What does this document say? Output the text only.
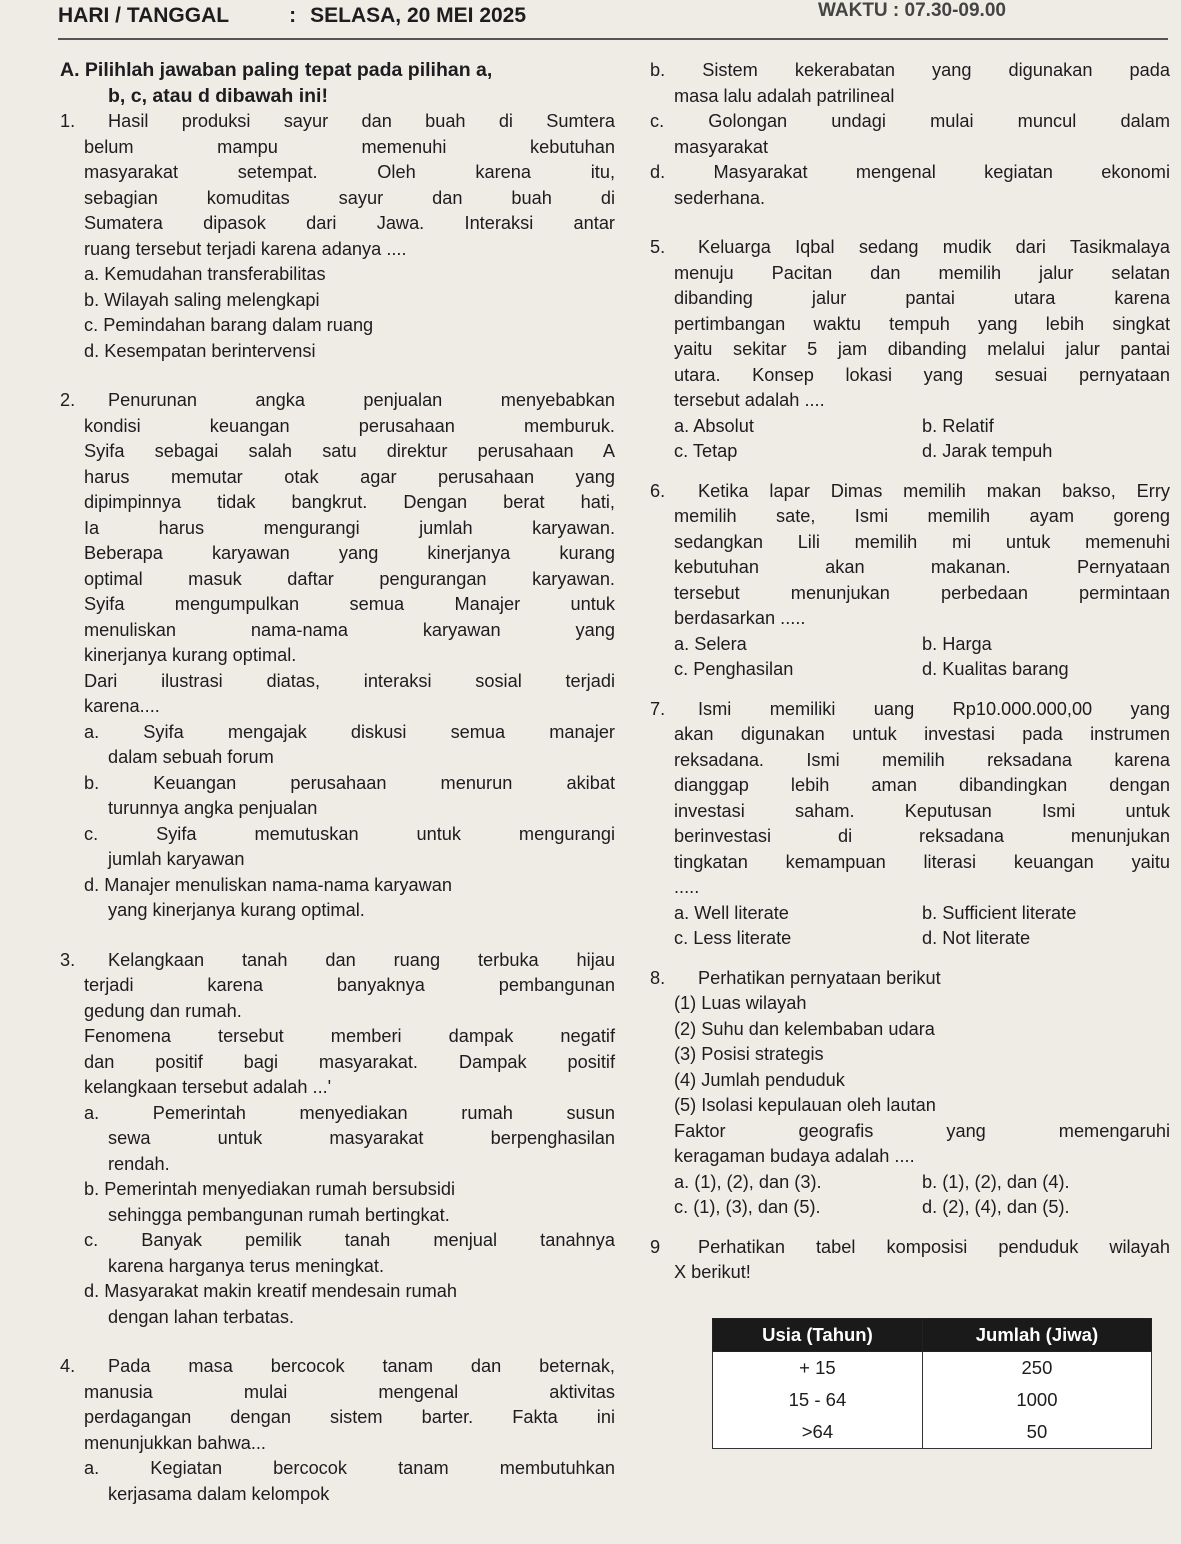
HARI / TANGGAL	: SELASA, 20 MEI 2025	WAKTU : 07.30-09.00

A. Pilihlah jawaban paling tepat pada pilihan a,

b, c, atau d dibawah ini!

1.	Hasil produksi sayur dan buah di Sumtera

belum mampu memenuhi kebutuhan

masyarakat setempat. Oleh karena itu,

sebagian komuditas sayur dan buah di

Sumatera dipasok dari Jawa. Interaksi antar

ruang tersebut terjadi karena adanya ....

a. Kemudahan transferabilitas

b. Wilayah saling melengkapi

c. Pemindahan barang dalam ruang

d. Kesempatan berintervensi

2.	Penurunan angka penjualan menyebabkan

kondisi keuangan perusahaan memburuk.

Syifa sebagai salah satu direktur perusahaan A

harus memutar otak agar perusahaan yang

dipimpinnya tidak bangkrut. Dengan berat hati,

Ia harus mengurangi jumlah karyawan.

Beberapa karyawan yang kinerjanya kurang

optimal masuk daftar pengurangan karyawan.

Syifa mengumpulkan semua Manajer untuk

menuliskan nama-nama karyawan yang

kinerjanya kurang optimal.

Dari ilustrasi diatas, interaksi sosial terjadi

karena....

a. Syifa mengajak diskusi semua manajer

dalam sebuah forum

b. Keuangan perusahaan menurun akibat

turunnya angka penjualan

c. Syifa memutuskan untuk mengurangi

jumlah karyawan

d. Manajer menuliskan nama-nama karyawan

yang kinerjanya kurang optimal.

3.	Kelangkaan tanah dan ruang terbuka hijau

terjadi karena banyaknya pembangunan

gedung dan rumah.

Fenomena tersebut memberi dampak negatif

dan positif bagi masyarakat. Dampak positif

kelangkaan tersebut adalah ...'

a. Pemerintah menyediakan rumah susun

sewa untuk masyarakat berpenghasilan

rendah.

b. Pemerintah menyediakan rumah bersubsidi

sehingga pembangunan rumah bertingkat.

c. Banyak pemilik tanah menjual tanahnya

karena harganya terus meningkat.

d. Masyarakat makin kreatif mendesain rumah

dengan lahan terbatas.

4.	Pada masa bercocok tanam dan beternak,

manusia mulai mengenal aktivitas

perdagangan dengan sistem barter. Fakta ini

menunjukkan bahwa...

a. Kegiatan bercocok tanam membutuhkan

kerjasama dalam kelompok

b. Sistem kekerabatan yang digunakan pada

masa lalu adalah patrilineal

c. Golongan undagi mulai muncul dalam

masyarakat

d. Masyarakat mengenal kegiatan ekonomi

sederhana.

5.	Keluarga Iqbal sedang mudik dari Tasikmalaya

menuju Pacitan dan memilih jalur selatan

dibanding jalur pantai utara karena

pertimbangan waktu tempuh yang lebih singkat

yaitu sekitar 5 jam dibanding melalui jalur pantai

utara. Konsep lokasi yang sesuai pernyataan

tersebut adalah ....

a. Absolut	b. Relatif

c. Tetap	d. Jarak tempuh

6.	Ketika lapar Dimas memilih makan bakso, Erry

memilih sate, Ismi memilih ayam goreng

sedangkan Lili memilih mi untuk memenuhi

kebutuhan akan makanan. Pernyataan

tersebut menunjukan perbedaan permintaan

berdasarkan .....

a. Selera	b. Harga

c. Penghasilan	d. Kualitas barang

7.	Ismi memiliki uang Rp10.000.000,00 yang

akan digunakan untuk investasi pada instrumen

reksadana. Ismi memilih reksadana karena

dianggap lebih aman dibandingkan dengan

investasi saham. Keputusan Ismi untuk

berinvestasi di reksadana menunjukan

tingkatan kemampuan literasi keuangan yaitu

.....

a. Well literate	b. Sufficient literate

c. Less literate	d. Not literate

8.	Perhatikan pernyataan berikut

(1) Luas wilayah

(2) Suhu dan kelembaban udara

(3) Posisi strategis

(4) Jumlah penduduk

(5) Isolasi kepulauan oleh lautan

Faktor geografis yang memengaruhi

keragaman budaya adalah ....

a. (1), (2), dan (3).	b. (1), (2), dan (4).

c. (1), (3), dan (5).	d. (2), (4), dan (5).

9	Perhatikan tabel komposisi penduduk wilayah

X berikut!

Usia (Tahun)	Jumlah (Jiwa)
+ 15	250
15 - 64	1000
>64	50
